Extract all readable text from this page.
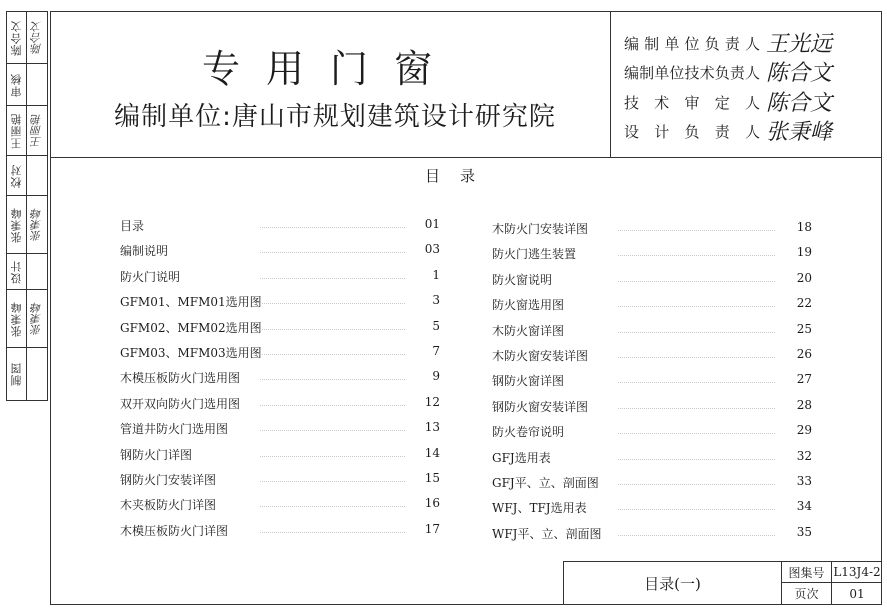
陈合文 陈合文
审核
王丽艳 王丽艳
校对
张秉峰 张秉峰
设计
张秉峰 张秉峰
制图
专用门窗
编制单位:唐山市规划建筑设计研究院
编制单位负责人 王光远
编制单位技术负责人 陈合文
技术审定人 陈合文
设计负责人 张秉峰
目录
目录	01
编制说明	03
防火门说明	1
GFM01、MFM01选用图	3
GFM02、MFM02选用图	5
GFM03、MFM03选用图	7
木模压板防火门选用图	9
双开双向防火门选用图	12
管道井防火门选用图	13
钢防火门详图	14
钢防火门安装详图	15
木夹板防火门详图	16
木模压板防火门详图	17
木防火门安装详图	18
防火门逃生装置	19
防火窗说明	20
防火窗选用图	22
木防火窗详图	25
木防火窗安装详图	26
钢防火窗详图	27
钢防火窗安装详图	28
防火卷帘说明	29
GFJ选用表	32
GFJ平、立、剖面图	33
WFJ、TFJ选用表	34
WFJ平、立、剖面图	35
目录(一)
图集号 L13J4-2
页次	01
